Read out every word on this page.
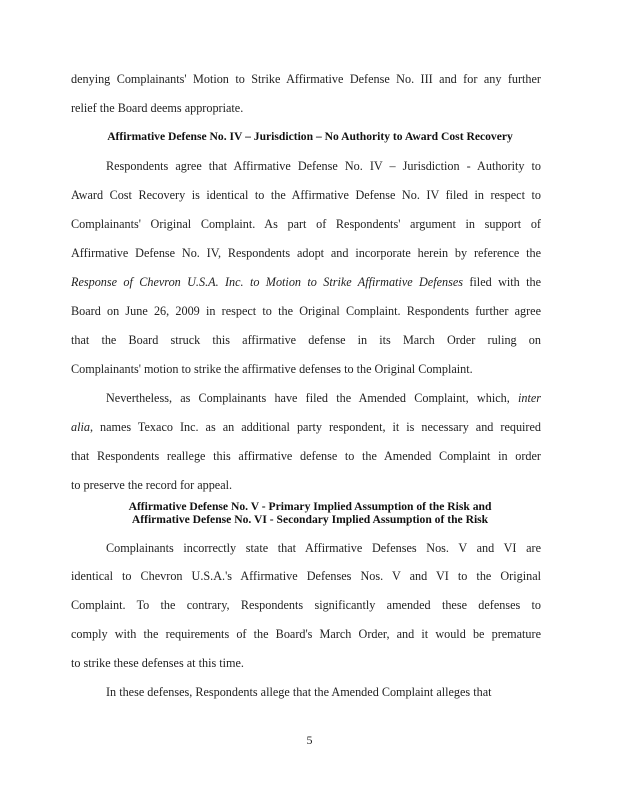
denying Complainants' Motion to Strike Affirmative Defense No. III and for any further
relief the Board deems appropriate.
Affirmative Defense No. IV – Jurisdiction – No Authority to Award Cost Recovery
Respondents agree that Affirmative Defense No. IV – Jurisdiction - Authority to
Award Cost Recovery is identical to the Affirmative Defense No. IV filed in respect to
Complainants' Original Complaint. As part of Respondents' argument in support of
Affirmative Defense No. IV, Respondents adopt and incorporate herein by reference the
Response of Chevron U.S.A. Inc. to Motion to Strike Affirmative Defenses filed with the
Board on June 26, 2009 in respect to the Original Complaint. Respondents further agree
that the Board struck this affirmative defense in its March Order ruling on
Complainants' motion to strike the affirmative defenses to the Original Complaint.
Nevertheless, as Complainants have filed the Amended Complaint, which, inter
alia, names Texaco Inc. as an additional party respondent, it is necessary and required
that Respondents reallege this affirmative defense to the Amended Complaint in order
to preserve the record for appeal.
Affirmative Defense No. V - Primary Implied Assumption of the Risk and
Affirmative Defense No. VI - Secondary Implied Assumption of the Risk
Complainants incorrectly state that Affirmative Defenses Nos. V and VI are
identical to Chevron U.S.A.'s Affirmative Defenses Nos. V and VI to the Original
Complaint. To the contrary, Respondents significantly amended these defenses to
comply with the requirements of the Board's March Order, and it would be premature
to strike these defenses at this time.
In these defenses, Respondents allege that the Amended Complaint alleges that
5
